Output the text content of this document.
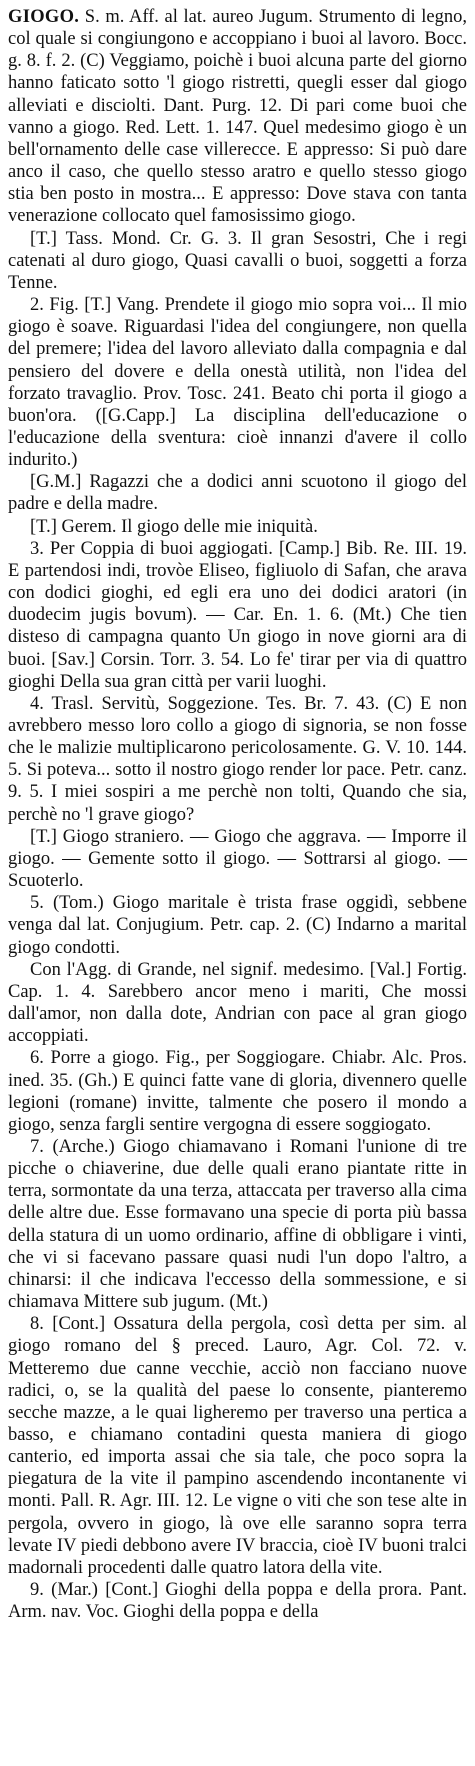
GIOGO. S. m. Aff. al lat. aureo Jugum. Strumento di legno, col quale si congiungono e accoppiano i buoi al lavoro. Bocc. g. 8. f. 2. (C) Veggiamo, poichè i buoi alcuna parte del giorno hanno faticato sotto 'l giogo ristretti, quegli esser dal giogo alleviati e disciolti. Dant. Purg. 12. Di pari come buoi che vanno a giogo. Red. Lett. 1. 147. Quel medesimo giogo è un bell'ornamento delle case villerecce. E appresso: Si può dare anco il caso, che quello stesso aratro e quello stesso giogo stia ben posto in mostra... E appresso: Dove stava con tanta venerazione collocato quel famosissimo giogo.

[T.] Tass. Mond. Cr. G. 3. Il gran Sesostri, Che i regi catenati al duro giogo, Quasi cavalli o buoi, soggetti a forza Tenne.

2. Fig. [T.] Vang. Prendete il giogo mio sopra voi... Il mio giogo è soave. Riguardasi l'idea del congiungere, non quella del premere; l'idea del lavoro alleviato dalla compagnia e dal pensiero del dovere e della onestà utilità, non l'idea del forzato travaglio. Prov. Tosc. 241. Beato chi porta il giogo a buon'ora. ([G.Capp.] La disciplina dell'educazione o l'educazione della sventura: cioè innanzi d'avere il collo indurito.)

[G.M.] Ragazzi che a dodici anni scuotono il giogo del padre e della madre.

[T.] Gerem. Il giogo delle mie iniquità.

3. Per Coppia di buoi aggiogati. [Camp.] Bib. Re. III. 19. E partendosi indi, trovòe Eliseo, figliuolo di Safan, che arava con dodici gioghi, ed egli era uno dei dodici aratori (in duodecim jugis bovum). — Car. En. 1. 6. (Mt.) Che tien disteso di campagna quanto Un giogo in nove giorni ara di buoi. [Sav.] Corsin. Torr. 3. 54. Lo fe' tirar per via di quattro gioghi Della sua gran città per varii luoghi.

4. Trasl. Servitù, Soggezione. Tes. Br. 7. 43. (C) E non avrebbero messo loro collo a giogo di signoria, se non fosse che le malizie multiplicarono pericolosamente. G. V. 10. 144. 5. Si poteva... sotto il nostro giogo render lor pace. Petr. canz. 9. 5. I miei sospiri a me perchè non tolti, Quando che sia, perchè no 'l grave giogo?

[T.] Giogo straniero. — Giogo che aggrava. — Imporre il giogo. — Gemente sotto il giogo. — Sottrarsi al giogo. — Scuoterlo.

5. (Tom.) Giogo maritale è trista frase oggidì, sebbene venga dal lat. Conjugium. Petr. cap. 2. (C) Indarno a marital giogo condotti.

Con l'Agg. di Grande, nel signif. medesimo. [Val.] Fortig. Cap. 1. 4. Sarebbero ancor meno i mariti, Che mossi dall'amor, non dalla dote, Andrian con pace al gran giogo accoppiati.

6. Porre a giogo. Fig., per Soggiogare. Chiabr. Alc. Pros. ined. 35. (Gh.) E quinci fatte vane di gloria, divennero quelle legioni (romane) invitte, talmente che posero il mondo a giogo, senza fargli sentire vergogna di essere soggiogato.

7. (Arche.) Giogo chiamavano i Romani l'unione di tre picche o chiaverine, due delle quali erano piantate ritte in terra, sormontate da una terza, attaccata per traverso alla cima delle altre due. Esse formavano una specie di porta più bassa della statura di un uomo ordinario, affine di obbligare i vinti, che vi si facevano passare quasi nudi l'un dopo l'altro, a chinarsi: il che indicava l'eccesso della sommessione, e si chiamava Mittere sub jugum. (Mt.)

8. [Cont.] Ossatura della pergola, così detta per sim. al giogo romano del § preced. Lauro, Agr. Col. 72. v. Metteremo due canne vecchie, acciò non facciano nuove radici, o, se la qualità del paese lo consente, pianteremo secche mazze, a le quai ligheremo per traverso una pertica a basso, e chiamano contadini questa maniera di giogo canterio, ed importa assai che sia tale, che poco sopra la piegatura de la vite il pampino ascendendo incontanente vi monti. Pall. R. Agr. III. 12. Le vigne o viti che son tese alte in pergola, ovvero in giogo, là ove elle saranno sopra terra levate IV piedi debbono avere IV braccia, cioè IV buoni tralci madornali procedenti dalle quatro latora della vite.

9. (Mar.) [Cont.] Gioghi della poppa e della prora. Pant. Arm. nav. Voc. Gioghi della poppa e della
